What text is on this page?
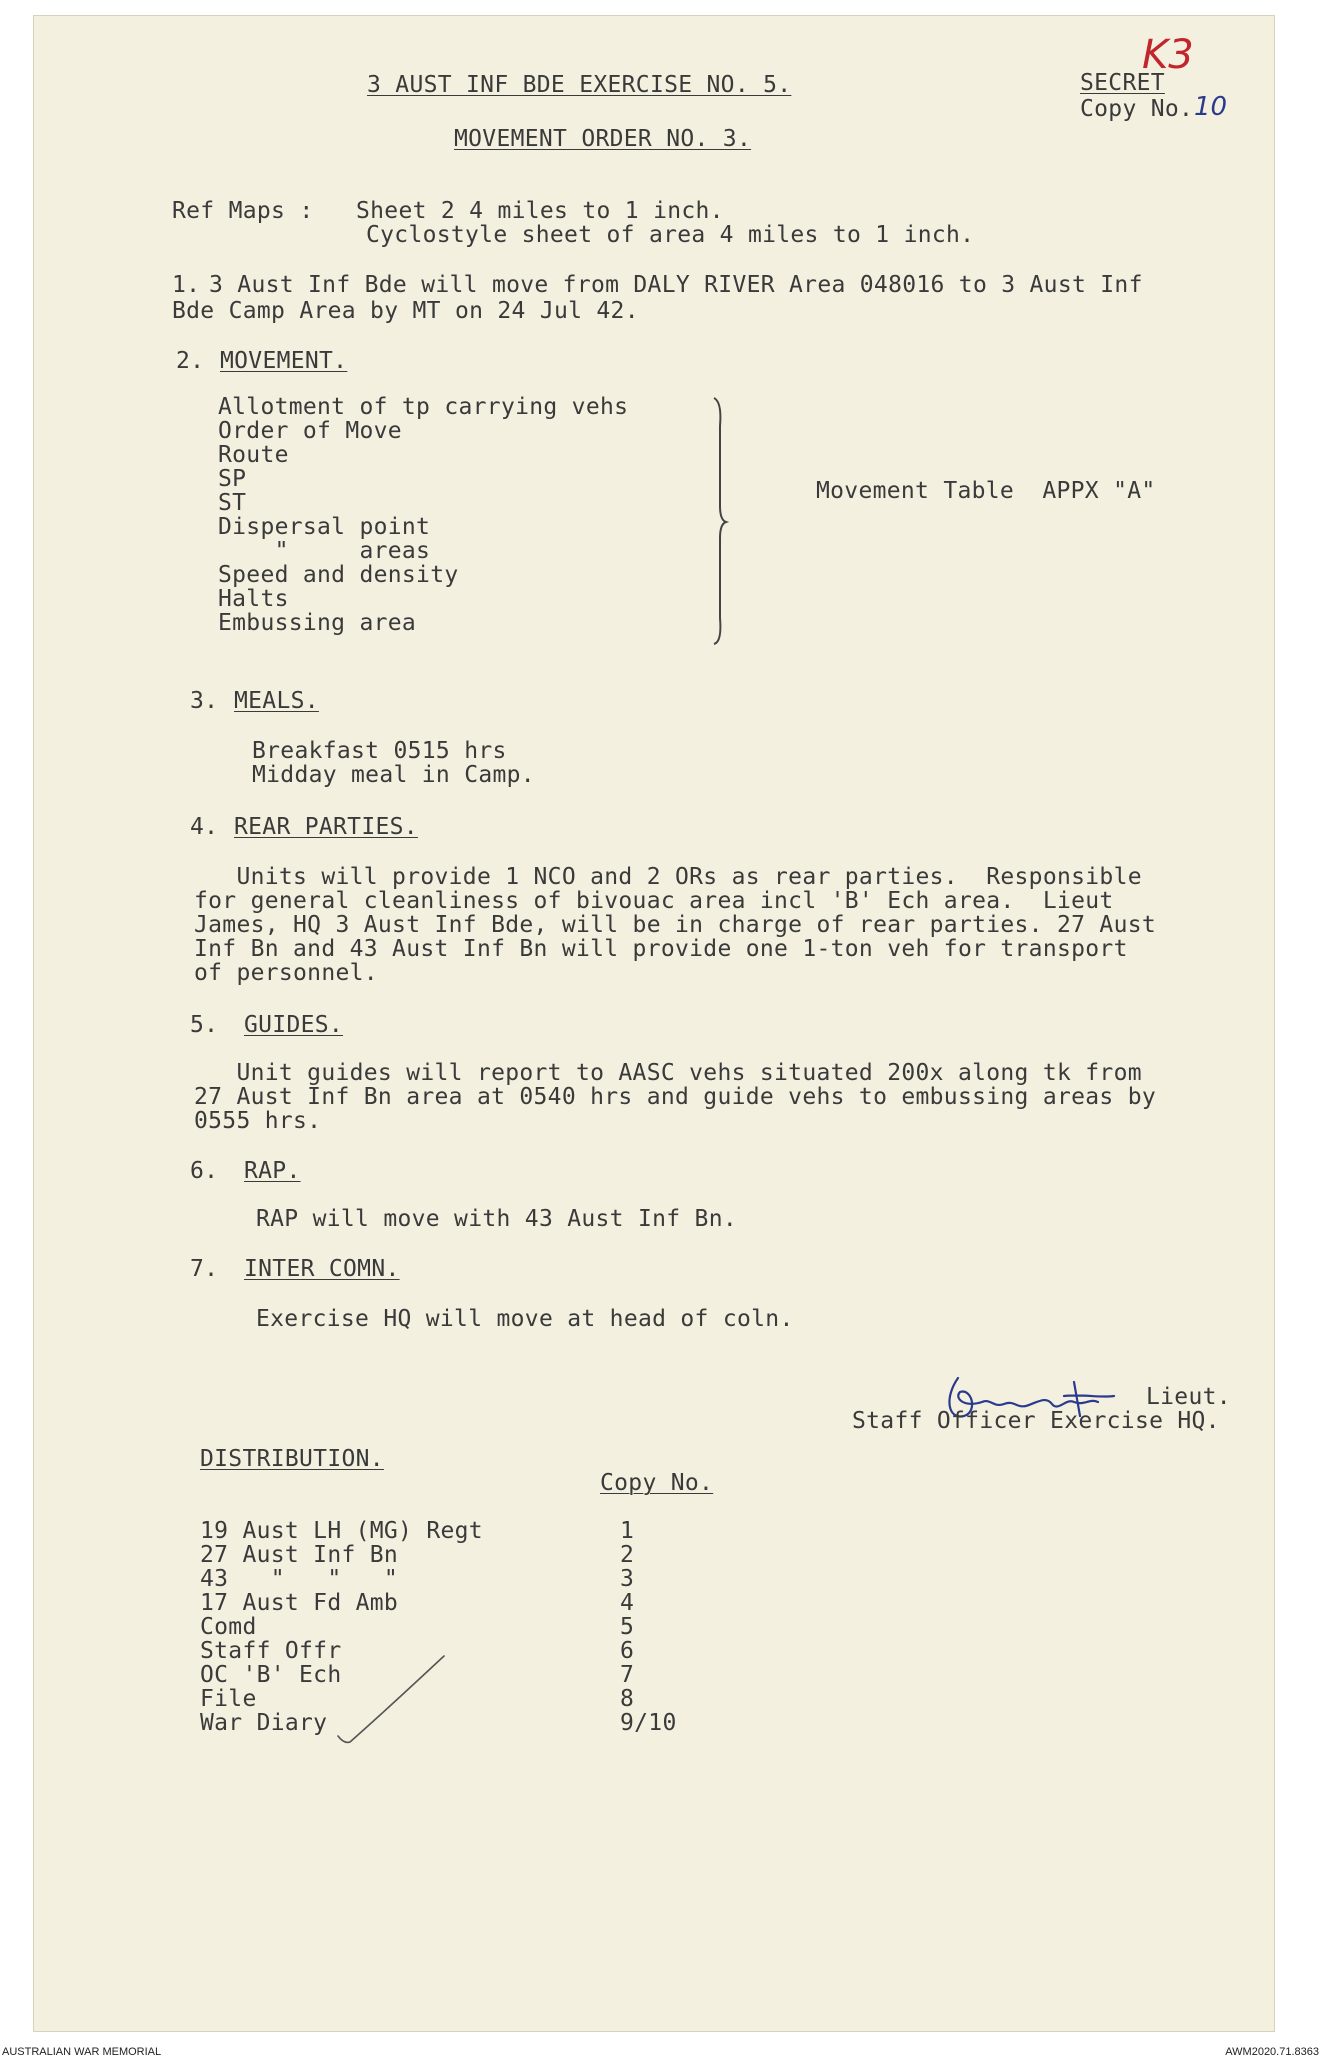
K3
3 AUST INF BDE EXERCISE NO. 5.	SECRET
Copy No. 10
MOVEMENT ORDER NO. 3.
Ref Maps : Sheet 2 4 miles to 1 inch.
Cyclostyle sheet of area 4 miles to 1 inch.
1. 3 Aust Inf Bde will move from DALY RIVER Area 048016 to 3 Aust Inf
Bde Camp Area by MT on 24 Jul 42.
2. MOVEMENT.
Allotment of tp carrying vehs
Order of Move
Route
SP
ST
Dispersal point
"     areas
Speed and density
Halts
Embussing area
Movement Table  APPX "A"
3. MEALS.
Breakfast 0515 hrs
Midday meal in Camp.
4. REAR PARTIES.
Units will provide 1 NCO and 2 ORs as rear parties.  Responsible
for general cleanliness of bivouac area incl 'B' Ech area.  Lieut
James, HQ 3 Aust Inf Bde, will be in charge of rear parties. 27 Aust
Inf Bn and 43 Aust Inf Bn will provide one 1-ton veh for transport
of personnel.
5. GUIDES.
Unit guides will report to AASC vehs situated 200x along tk from
27 Aust Inf Bn area at 0540 hrs and guide vehs to embussing areas by
0555 hrs.
6. RAP.
RAP will move with 43 Aust Inf Bn.
7. INTER COMN.
Exercise HQ will move at head of coln.
Lieut.
Staff Officer Exercise HQ.
DISTRIBUTION.
Copy No.
19 Aust LH (MG) Regt	1
27 Aust Inf Bn	2
43   "   "   "	3
17 Aust Fd Amb	4
Comd	5
Staff Offr	6
OC 'B' Ech	7
File	8
War Diary	9/10
AUSTRALIAN WAR MEMORIAL	AWM2020.71.8363
